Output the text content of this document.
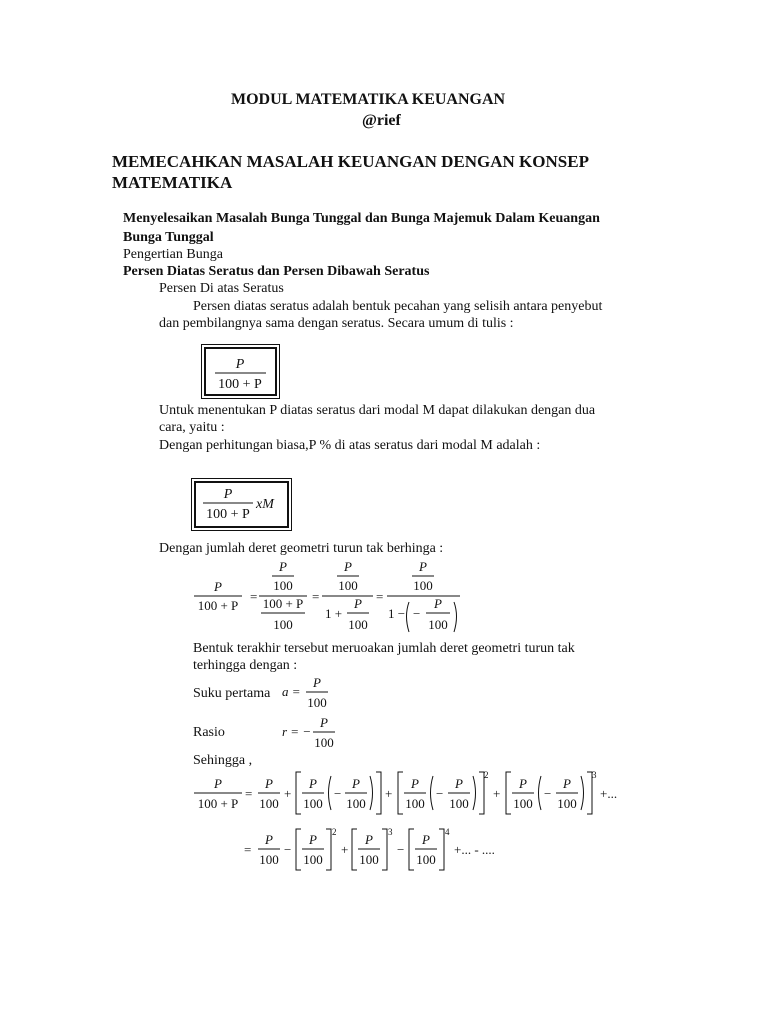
MODUL MATEMATIKA KEUANGAN
@rief
MEMECAHKAN MASALAH KEUANGAN DENGAN KONSEP
MATEMATIKA
Menyelesaikan Masalah Bunga Tunggal dan Bunga Majemuk Dalam Keuangan
Bunga Tunggal
Pengertian Bunga
Persen Diatas Seratus dan Persen Dibawah Seratus
Persen Di atas Seratus
Persen diatas seratus adalah bentuk pecahan yang selisih antara penyebut
dan pembilangnya sama dengan seratus. Secara umum di tulis :
P
100 + P
Untuk menentukan P diatas seratus dari modal M dapat dilakukan dengan dua
cara, yaitu :
Dengan perhitungan biasa,P % di atas seratus dari modal M adalah :
P
100 + P
xM
Dengan jumlah deret geometri turun tak berhinga :
P
100 + P
=
P
100
100 + P
100
=
P
100
1 +
P
100
=
P
100
1 − −
P
100
Bentuk terakhir tersebut meruoakan jumlah deret geometri turun tak
terhingga dengan :
Suku pertama a =
P
100
Rasio	r = −
P
100
Sehingga ,
P
100 + P
=
P
100
+
P
100
−
P
100
+
P
100
−
P
100
2
+
P
100
−
P
100
3
+...
=
P
100
−
P
100
2
+
P
100
3
−
P
100
4
+... - ....
